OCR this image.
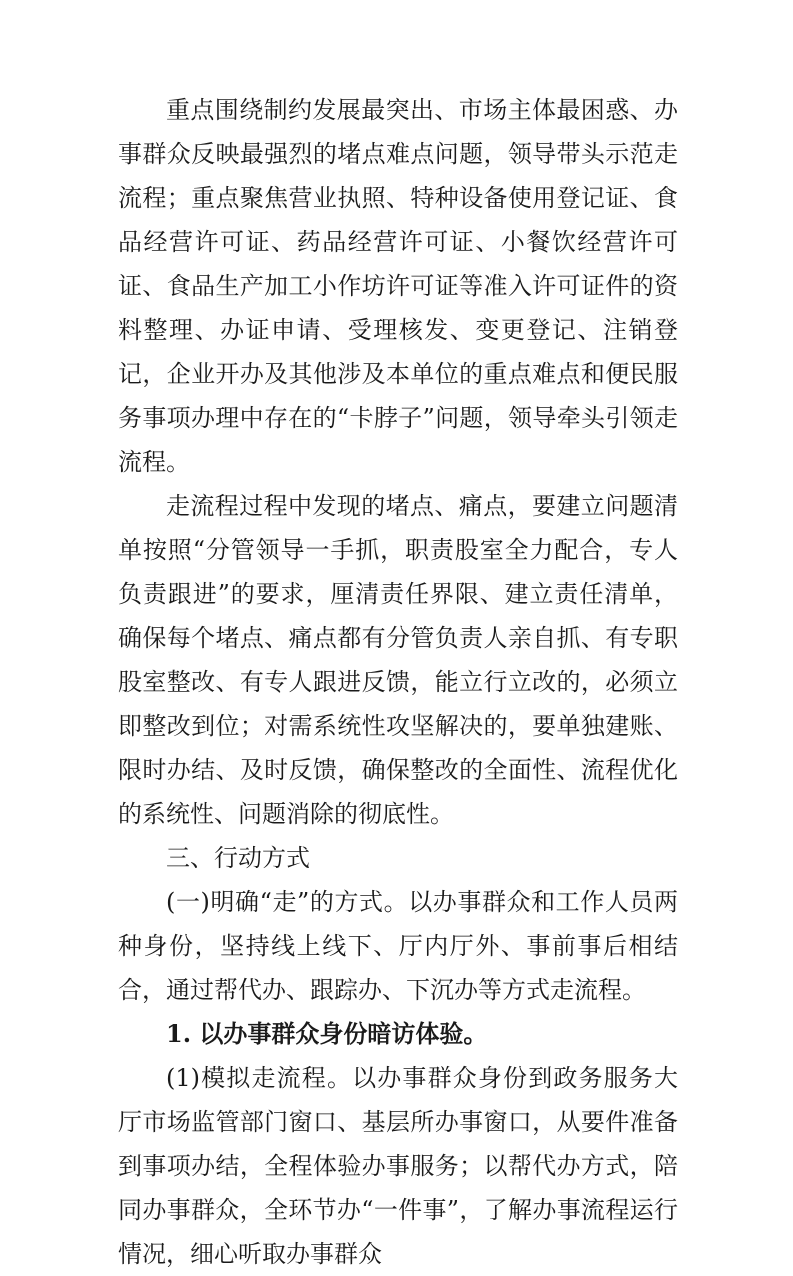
重点围绕制约发展最突出、市场主体最困惑、办事群众反映最强烈的堵点难点问题，领导带头示范走流程；重点聚焦营业执照、特种设备使用登记证、食品经营许可证、药品经营许可证、小餐饮经营许可证、食品生产加工小作坊许可证等准入许可证件的资料整理、办证申请、受理核发、变更登记、注销登记，企业开办及其他涉及本单位的重点难点和便民服务事项办理中存在的“卡脖子”问题，领导牵头引领走流程。

走流程过程中发现的堵点、痛点，要建立问题清单按照“分管领导一手抓，职责股室全力配合，专人负责跟进”的要求，厘清责任界限、建立责任清单，确保每个堵点、痛点都有分管负责人亲自抓、有专职股室整改、有专人跟进反馈，能立行立改的，必须立即整改到位；对需系统性攻坚解决的，要单独建账、限时办结、及时反馈，确保整改的全面性、流程优化的系统性、问题消除的彻底性。

三、行动方式

(一)明确“走”的方式。以办事群众和工作人员两种身份，坚持线上线下、厅内厅外、事前事后相结合，通过帮代办、跟踪办、下沉办等方式走流程。

1. 以办事群众身份暗访体验。

(1)模拟走流程。以办事群众身份到政务服务大厅市场监管部门窗口、基层所办事窗口，从要件准备到事项办结，全程体验办事服务；以帮代办方式，陪同办事群众，全环节办“一件事”，了解办事流程运行情况，细心听取办事群众
